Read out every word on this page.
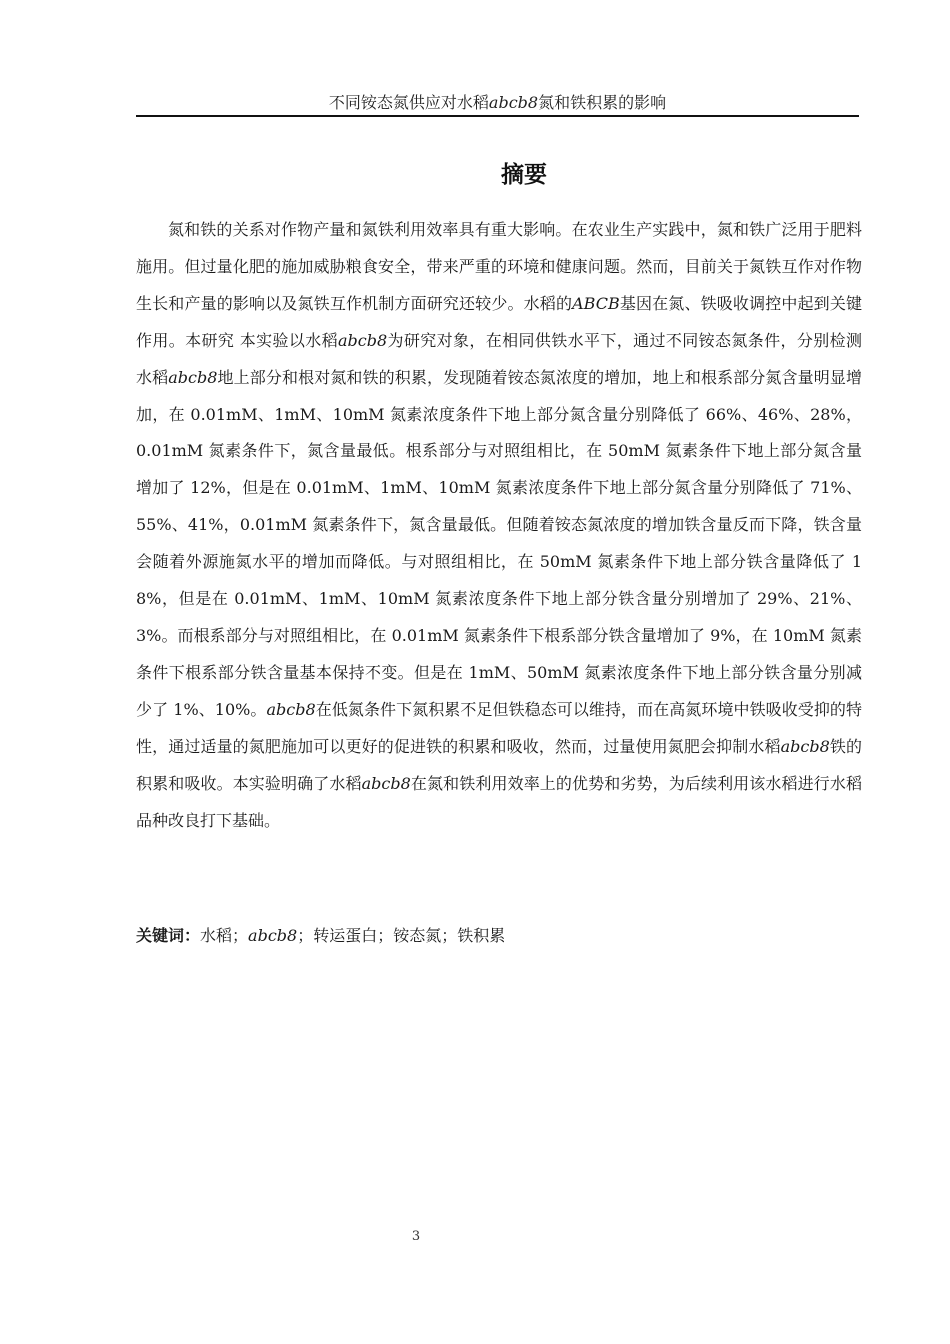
不同铵态氮供应对水稻abcb8氮和铁积累的影响
摘要

氮和铁的关系对作物产量和氮铁利用效率具有重大影响。在农业生产实践中，氮和铁广泛用于肥料施用。但过量化肥的施加威胁粮食安全，带来严重的环境和健康问题。然而，目前关于氮铁互作对作物生长和产量的影响以及氮铁互作机制方面研究还较少。水稻的ABCB基因在氮、铁吸收调控中起到关键作用。本研究 本实验以水稻abcb8为研究对象，在相同供铁水平下，通过不同铵态氮条件，分别检测水稻abcb8地上部分和根对氮和铁的积累，发现随着铵态氮浓度的增加，地上和根系部分氮含量明显增加，在 0.01mM、1mM、10mM 氮素浓度条件下地上部分氮含量分别降低了 66%、46%、28%，0.01mM 氮素条件下，氮含量最低。根系部分与对照组相比，在 50mM 氮素条件下地上部分氮含量增加了 12%，但是在 0.01mM、1mM、10mM 氮素浓度条件下地上部分氮含量分别降低了 71%、55%、41%，0.01mM 氮素条件下，氮含量最低。但随着铵态氮浓度的增加铁含量反而下降，铁含量会随着外源施氮水平的增加而降低。与对照组相比，在 50mM 氮素条件下地上部分铁含量降低了 18%，但是在 0.01mM、1mM、10mM 氮素浓度条件下地上部分铁含量分别增加了 29%、21%、3%。而根系部分与对照组相比，在 0.01mM 氮素条件下根系部分铁含量增加了 9%，在 10mM 氮素条件下根系部分铁含量基本保持不变。但是在 1mM、50mM 氮素浓度条件下地上部分铁含量分别减少了 1%、10%。abcb8在低氮条件下氮积累不足但铁稳态可以维持，而在高氮环境中铁吸收受抑的特性，通过适量的氮肥施加可以更好的促进铁的积累和吸收，然而，过量使用氮肥会抑制水稻abcb8铁的积累和吸收。本实验明确了水稻abcb8在氮和铁利用效率上的优势和劣势，为后续利用该水稻进行水稻品种改良打下基础。

关键词：水稻；abcb8；转运蛋白；铵态氮；铁积累
3
